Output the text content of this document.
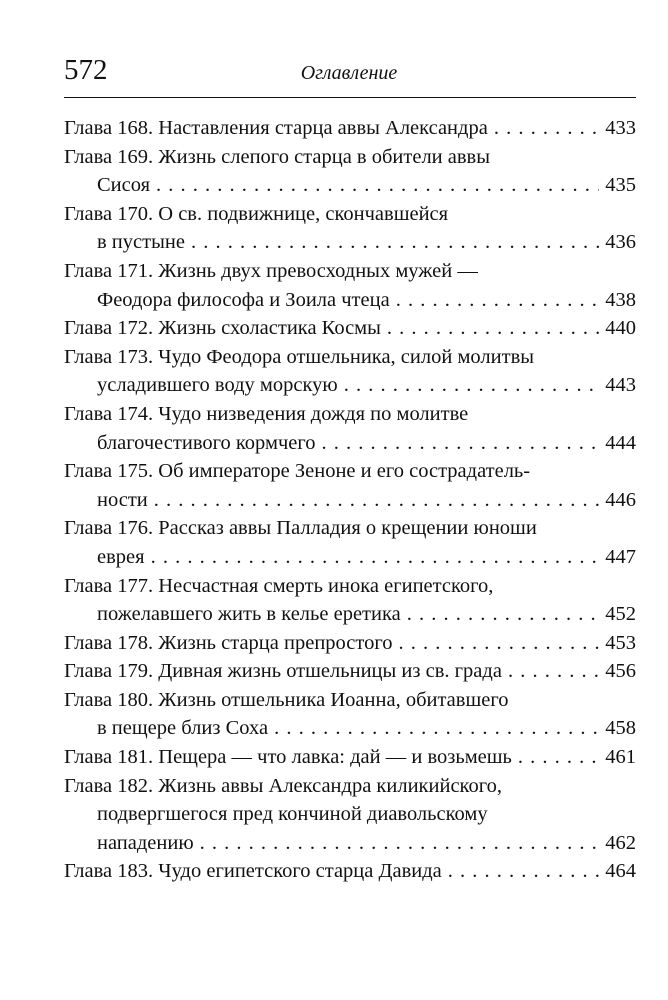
572	Оглавление
Глава 168. Наставления старца аввы Александра . . .	433
Глава 169. Жизнь слепого старца в обители аввы
Сисоя . . .	435
Глава 170. О св. подвижнице, скончавшейся
в пустыне . . .	436
Глава 171. Жизнь двух превосходных мужей —
Феодора философа и Зоила чтеца . . .	438
Глава 172. Жизнь схоластика Космы . . .	440
Глава 173. Чудо Феодора отшельника, силой молитвы
усладившего воду морскую . . .	443
Глава 174. Чудо низведения дождя по молитве
благочестивого кормчего . . .	444
Глава 175. Об императоре Зеноне и его сострадатель-
ности . . .	446
Глава 176. Рассказ аввы Палладия о крещении юноши
еврея . . .	447
Глава 177. Несчастная смерть инока египетского,
пожелавшего жить в келье еретика . . .	452
Глава 178. Жизнь старца препростого . . .	453
Глава 179. Дивная жизнь отшельницы из св. града . . .	456
Глава 180. Жизнь отшельника Иоанна, обитавшего
в пещере близ Соха . . .	458
Глава 181. Пещера — что лавка: дай — и возьмешь . . .	461
Глава 182. Жизнь аввы Александра киликийского,
подвергшегося пред кончиной диавольскому
нападению . . .	462
Глава 183. Чудо египетского старца Давида . . .	464
